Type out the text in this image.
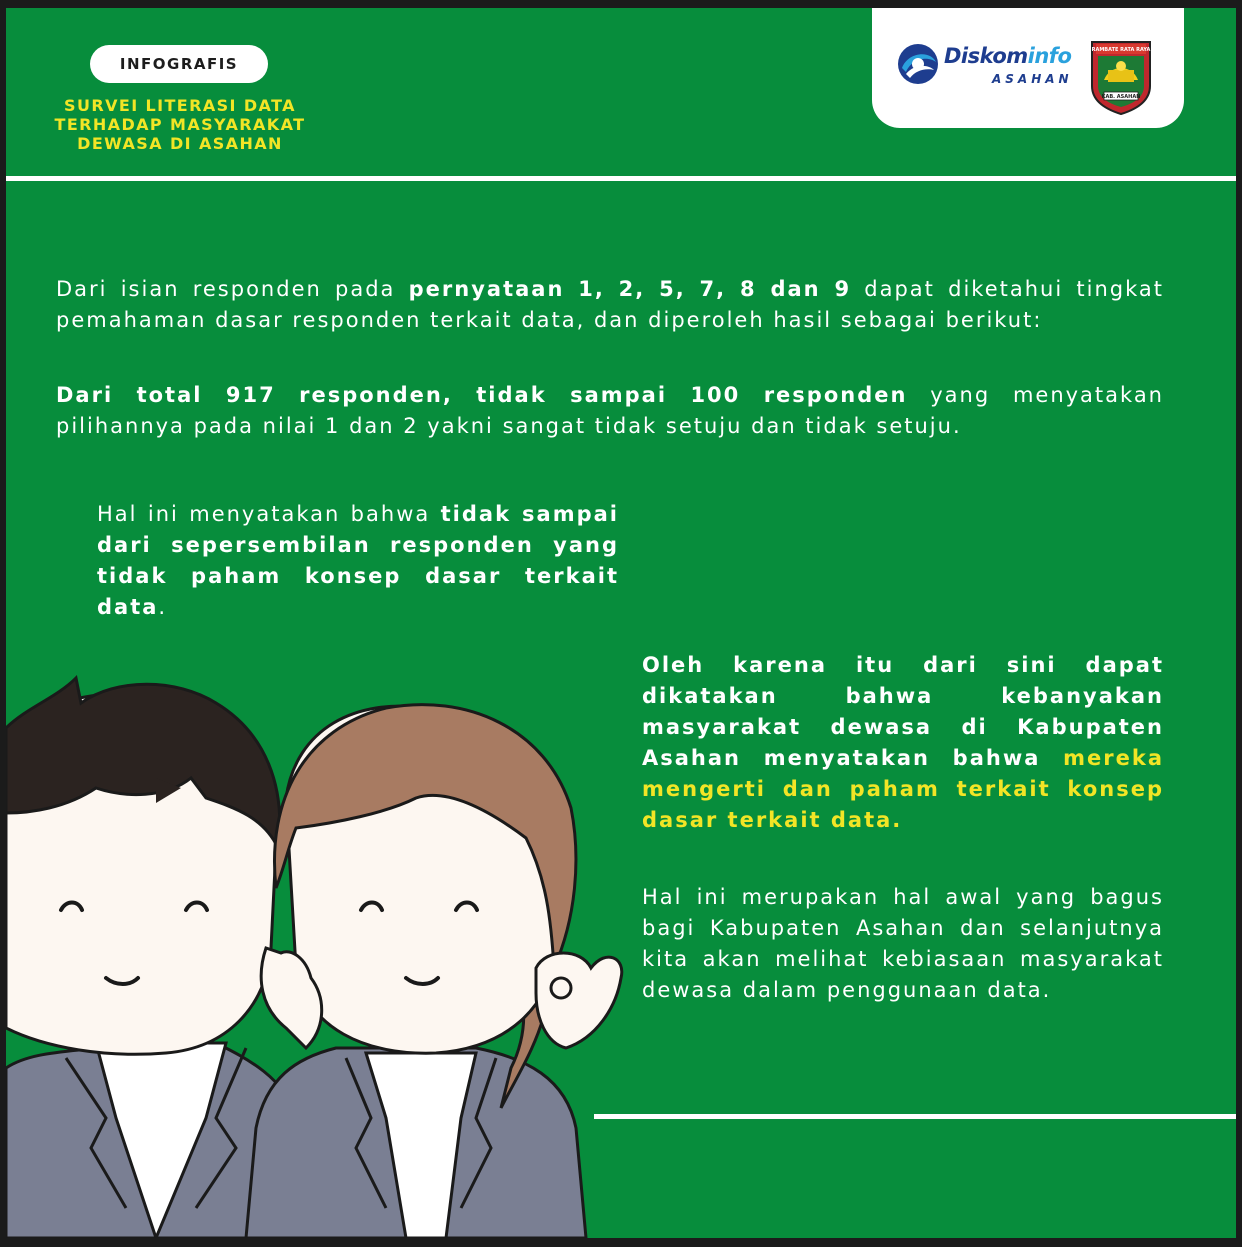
INFOGRAFIS
SURVEI LITERASI DATA
TERHADAP MASYARAKAT
DEWASA DI ASAHAN
Diskominfo
ASAHAN
RAMBATE RATA RAYA
KAB. ASAHAN

Dari isian responden pada pernyataan 1, 2, 5, 7, 8 dan 9 dapat diketahui tingkat pemahaman dasar responden terkait data, dan diperoleh hasil sebagai berikut:

Dari total 917 responden, tidak sampai 100 responden yang menyatakan pilihannya pada nilai 1 dan 2 yakni sangat tidak setuju dan tidak setuju.

Hal ini menyatakan bahwa tidak sampai dari sepersembilan responden yang tidak paham konsep dasar terkait data.

Oleh karena itu dari sini dapat dikatakan bahwa kebanyakan masyarakat dewasa di Kabupaten Asahan menyatakan bahwa mereka mengerti dan paham terkait konsep dasar terkait data.

Hal ini merupakan hal awal yang bagus bagi Kabupaten Asahan dan selanjutnya kita akan melihat kebiasaan masyarakat dewasa dalam penggunaan data.
